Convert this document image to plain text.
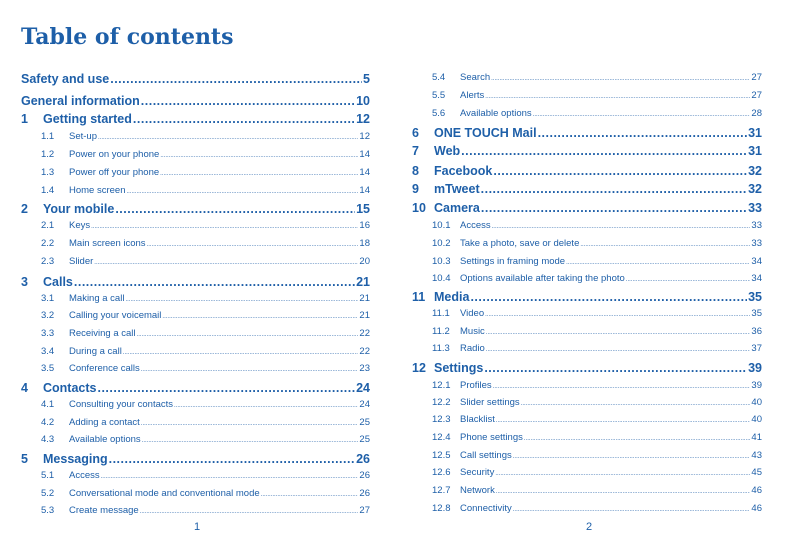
Table of contents
Safety and use .....	5
General information .....	10
1	Getting started .....	12
1.1	Set-up .....	12
1.2	Power on your phone .....	14
1.3	Power off your phone .....	14
1.4	Home screen .....	14
2	Your mobile .....	15
2.1	Keys .....	16
2.2	Main screen icons .....	18
2.3	Slider .....	20
3	Calls .....	21
3.1	Making a call .....	21
3.2	Calling your voicemail .....	21
3.3	Receiving a call .....	22
3.4	During a call .....	22
3.5	Conference calls .....	23
4	Contacts .....	24
4.1	Consulting your contacts .....	24
4.2	Adding a contact .....	25
4.3	Available options .....	25
5	Messaging .....	26
5.1	Access .....	26
5.2	Conversational mode and conventional mode .....	26
5.3	Create message .....	27
5.4	Search .....	27
5.5	Alerts .....	27
5.6	Available options .....	28
6	ONE TOUCH Mail .....	31
7	Web .....	31
8	Facebook .....	32
9	mTweet .....	32
10 Camera .....	33
10.1	Access .....	33
10.2	Take a photo, save or delete .....	33
10.3	Settings in framing mode .....	34
10.4	Options available after taking the photo .....	34
11 Media .....	35
11.1	Video .....	35
11.2	Music .....	36
11.3	Radio .....	37
12 Settings .....	39
12.1	Profiles .....	39
12.2	Slider settings .....	40
12.3	Blacklist .....	40
12.4	Phone settings .....	41
12.5	Call settings .....	43
12.6	Security .....	45
12.7	Network .....	46
12.8	Connectivity .....	46
1	2
